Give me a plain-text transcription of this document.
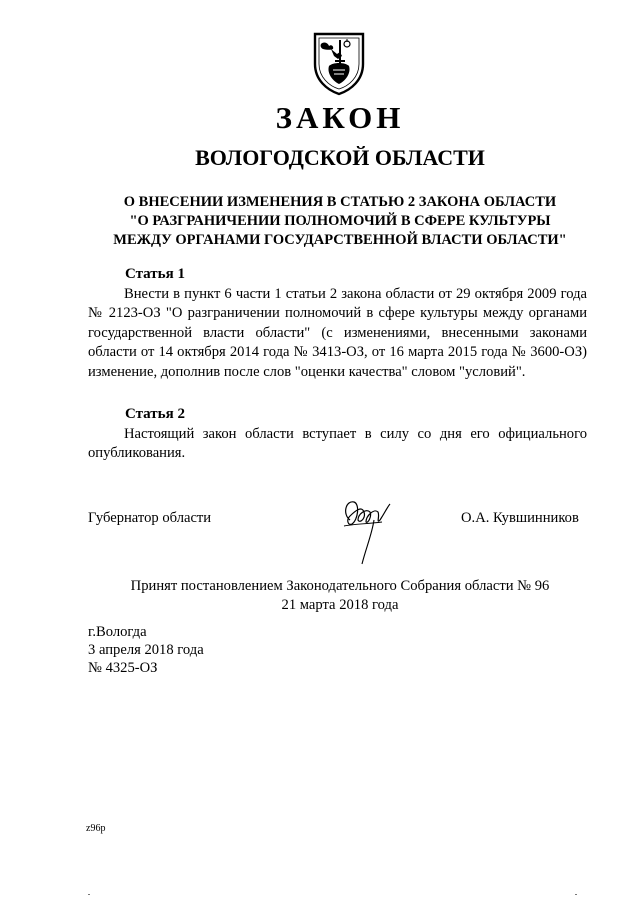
ЗАКОН
ВОЛОГОДСКОЙ ОБЛАСТИ
О ВНЕСЕНИИ ИЗМЕНЕНИЯ В СТАТЬЮ 2 ЗАКОНА ОБЛАСТИ
"О РАЗГРАНИЧЕНИИ ПОЛНОМОЧИЙ В СФЕРЕ КУЛЬТУРЫ
МЕЖДУ ОРГАНАМИ ГОСУДАРСТВЕННОЙ ВЛАСТИ ОБЛАСТИ"
Статья 1
Внести в пункт 6 части 1 статьи 2 закона области от 29 октября 2009 года № 2123-ОЗ "О разграничении полномочий в сфере культуры между органами государственной власти области" (с изменениями, внесенными законами области от 14 октября 2014 года № 3413-ОЗ, от 16 марта 2015 года № 3600-ОЗ) изменение, дополнив после слов "оценки качества" словом "условий".
Статья 2
Настоящий закон области вступает в силу со дня его официального опубликования.
Губернатор области	О.А. Кувшинников
Принят постановлением Законодательного Собрания области № 96
21 марта 2018 года
г.Вологда
3 апреля 2018 года
№ 4325-ОЗ
z96p
